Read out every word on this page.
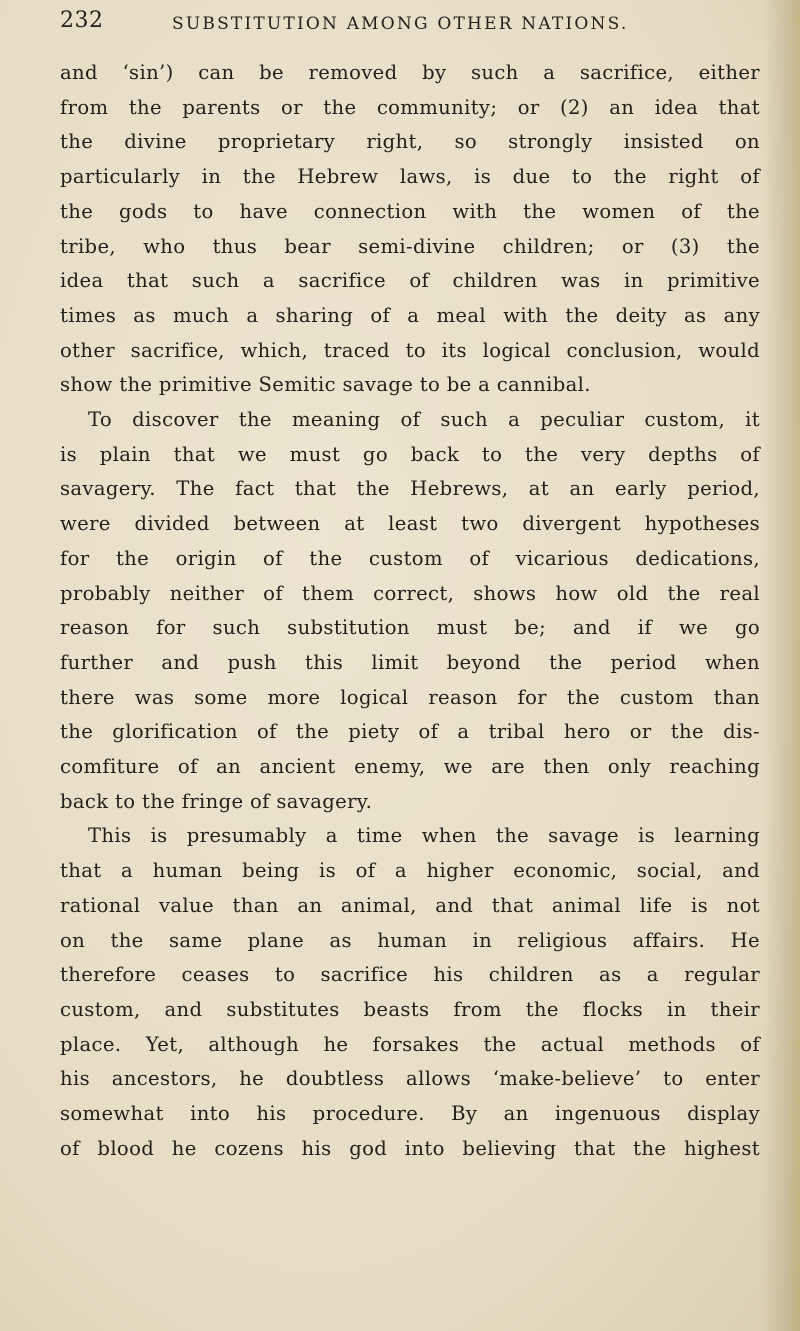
232	SUBSTITUTION AMONG OTHER NATIONS.
and ‘sin’) can be removed by such a sacrifice, either
from the parents or the community; or (2) an idea that
the divine proprietary right, so strongly insisted on
particularly in the Hebrew laws, is due to the right of
the gods to have connection with the women of the
tribe, who thus bear semi-divine children; or (3) the
idea that such a sacrifice of children was in primitive
times as much a sharing of a meal with the deity as any
other sacrifice, which, traced to its logical conclusion, would
show the primitive Semitic savage to be a cannibal.
To discover the meaning of such a peculiar custom, it
is plain that we must go back to the very depths of
savagery. The fact that the Hebrews, at an early period,
were divided between at least two divergent hypotheses
for the origin of the custom of vicarious dedications,
probably neither of them correct, shows how old the real
reason for such substitution must be; and if we go
further and push this limit beyond the period when
there was some more logical reason for the custom than
the glorification of the piety of a tribal hero or the dis-
comfiture of an ancient enemy, we are then only reaching
back to the fringe of savagery.
This is presumably a time when the savage is learning
that a human being is of a higher economic, social, and
rational value than an animal, and that animal life is not
on the same plane as human in religious affairs. He
therefore ceases to sacrifice his children as a regular
custom, and substitutes beasts from the flocks in their
place. Yet, although he forsakes the actual methods of
his ancestors, he doubtless allows ‘make-believe’ to enter
somewhat into his procedure. By an ingenuous display
of blood he cozens his god into believing that the highest
